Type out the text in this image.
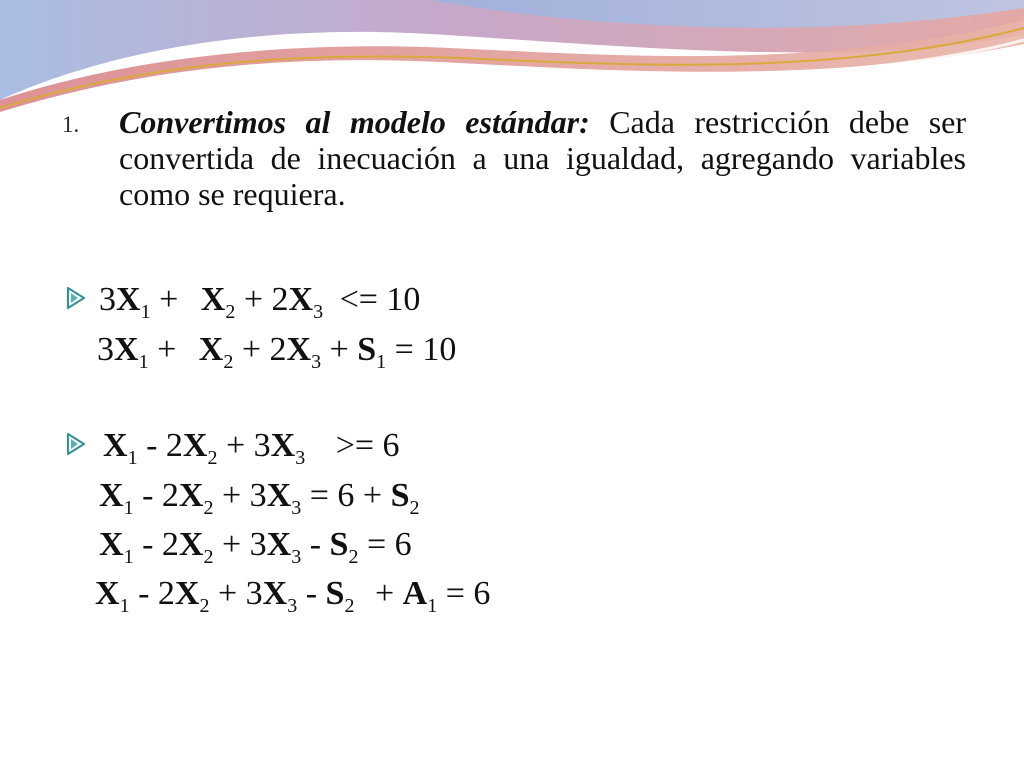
1. Convertimos al modelo estándar: Cada restricción debe ser convertida de inecuación a una igualdad, agregando variables como se requiera.
$3X_1 + X_2 + 2X_3 <= 10$
$3X_1 + X_2 + 2X_3 + S_1 = 10$
$X_1 - 2X_2 + 3X_3 >= 6$
$X_1 - 2X_2 + 3X_3 = 6 + S_2$
$X_1 - 2X_2 + 3X_3 - S_2 = 6$
$X_1 - 2X_2 + 3X_3 - S_2 + A_1 = 6$
